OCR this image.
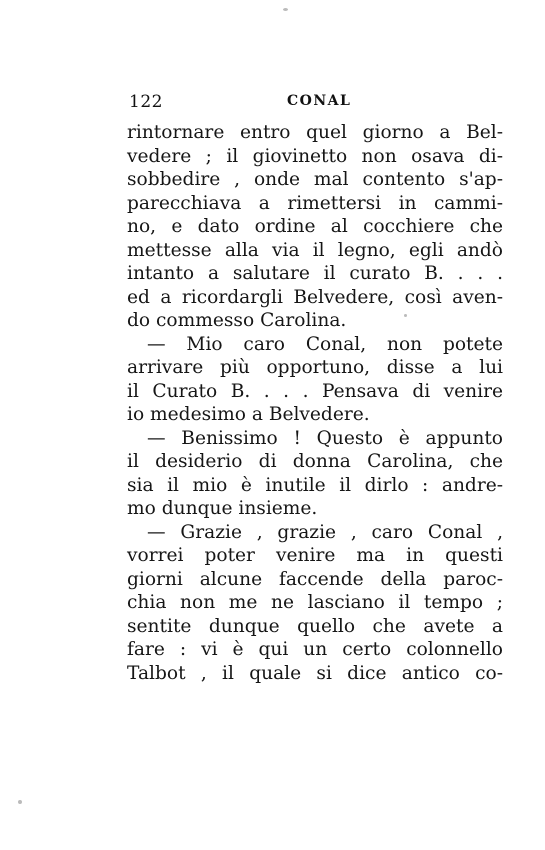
122	CONAL
rintornare entro quel giorno a Bel-
vedere ; il giovinetto non osava di-
sobbedire , onde mal contento s'ap-
parecchiava a rimettersi in cammi-
no, e dato ordine al cocchiere che
mettesse alla via il legno, egli andò
intanto a salutare il curato B. . . .
ed a ricordargli Belvedere, così aven-
do commesso Carolina.
— Mio caro Conal, non potete
arrivare più opportuno, disse a lui
il Curato B. . . . Pensava di venire
io medesimo a Belvedere.
— Benissimo ! Questo è appunto
il desiderio di donna Carolina, che
sia il mio è inutile il dirlo : andre-
mo dunque insieme.
— Grazie , grazie , caro Conal ,
vorrei poter venire ma in questi
giorni alcune faccende della paroc-
chia non me ne lasciano il tempo ;
sentite dunque quello che avete a
fare : vi è qui un certo colonnello
Talbot , il quale si dice antico co-
